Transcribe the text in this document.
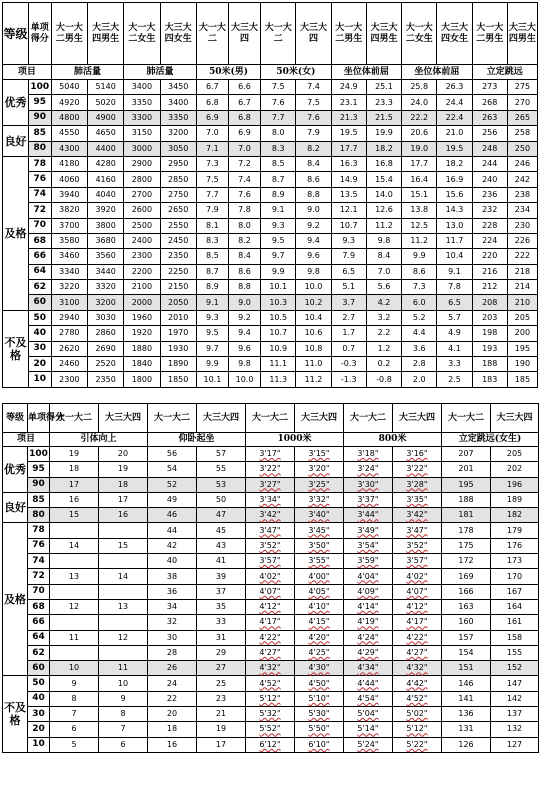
等级	单项得分	大一大二男生	大三大四男生	大一大二女生	大三大四女生	大一大二	大三大四	大一大二	大三大四	大一大二男生	大三大四男生	大一大二女生	大三大四女生	大一大二男生	大三大四男生
项目		肺活量		肺活量		50米(男)		50米(女)		坐位体前屈		坐位体前屈		立定跳远	
优秀	100	5040	5140	3400	3450	6.7	6.6	7.5	7.4	24.9	25.1	25.8	26.3	273	275
	95	4920	5020	3350	3400	6.8	6.7	7.6	7.5	23.1	23.3	24.0	24.4	268	270
	90	4800	4900	3300	3350	6.9	6.8	7.7	7.6	21.3	21.5	22.2	22.4	263	265
良好	85	4550	4650	3150	3200	7.0	6.9	8.0	7.9	19.5	19.9	20.6	21.0	256	258
	80	4300	4400	3000	3050	7.1	7.0	8.3	8.2	17.7	18.2	19.0	19.5	248	250
及格	78	4180	4280	2900	2950	7.3	7.2	8.5	8.4	16.3	16.8	17.7	18.2	244	246
	76	4060	4160	2800	2850	7.5	7.4	8.7	8.6	14.9	15.4	16.4	16.9	240	242
	74	3940	4040	2700	2750	7.7	7.6	8.9	8.8	13.5	14.0	15.1	15.6	236	238
	72	3820	3920	2600	2650	7.9	7.8	9.1	9.0	12.1	12.6	13.8	14.3	232	234
	70	3700	3800	2500	2550	8.1	8.0	9.3	9.2	10.7	11.2	12.5	13.0	228	230
	68	3580	3680	2400	2450	8.3	8.2	9.5	9.4	9.3	9.8	11.2	11.7	224	226
	66	3460	3560	2300	2350	8.5	8.4	9.7	9.6	7.9	8.4	9.9	10.4	220	222
	64	3340	3440	2200	2250	8.7	8.6	9.9	9.8	6.5	7.0	8.6	9.1	216	218
	62	3220	3320	2100	2150	8.9	8.8	10.1	10.0	5.1	5.6	7.3	7.8	212	214
	60	3100	3200	2000	2050	9.1	9.0	10.3	10.2	3.7	4.2	6.0	6.5	208	210
不及格	50	2940	3030	1960	2010	9.3	9.2	10.5	10.4	2.7	3.2	5.2	5.7	203	205
	40	2780	2860	1920	1970	9.5	9.4	10.7	10.6	1.7	2.2	4.4	4.9	198	200
	30	2620	2690	1880	1930	9.7	9.6	10.9	10.8	0.7	1.2	3.6	4.1	193	195
	20	2460	2520	1840	1890	9.9	9.8	11.1	11.0	-0.3	0.2	2.8	3.3	188	190
	10	2300	2350	1800	1850	10.1	10.0	11.3	11.2	-1.3	-0.8	2.0	2.5	183	185
等级	单项得分	大一大二	大三大四	大一大二	大三大四	大一大二	大三大四	大一大二	大三大四	大一大二	大三大四
项目		引体向上		仰卧起坐		1000米		800米		立定跳远(女生)	
优秀	100	19	20	56	57	3'17"	3'15"	3'18"	3'16"	207	205
	95	18	19	54	55	3'22"	3'20"	3'24"	3'22"	201	202
	90	17	18	52	53	3'27"	3'25"	3'30"	3'28"	195	196
良好	85	16	17	49	50	3'34"	3'32"	3'37"	3'35"	188	189
	80	15	16	46	47	3'42"	3'40"	3'44"	3'42"	181	182
及格	78			44	45	3'47"	3'45"	3'49"	3'47"	178	179
	76	14	15	42	43	3'52"	3'50"	3'54"	3'52"	175	176
	74			40	41	3'57"	3'55"	3'59"	3'57"	172	173
	72	13	14	38	39	4'02"	4'00"	4'04"	4'02"	169	170
	70			36	37	4'07"	4'05"	4'09"	4'07"	166	167
	68	12	13	34	35	4'12"	4'10"	4'14"	4'12"	163	164
	66			32	33	4'17"	4'15"	4'19"	4'17"	160	161
	64	11	12	30	31	4'22"	4'20"	4'24"	4'22"	157	158
	62			28	29	4'27"	4'25"	4'29"	4'27"	154	155
	60	10	11	26	27	4'32"	4'30"	4'34"	4'32"	151	152
不及格	50	9	10	24	25	4'52"	4'50"	4'44"	4'42"	146	147
	40	8	9	22	23	5'12"	5'10"	4'54"	4'52"	141	142
	30	7	8	20	21	5'32"	5'30"	5'04"	5'02"	136	137
	20	6	7	18	19	5'52"	5'50"	5'14"	5'12"	131	132
	10	5	6	16	17	6'12"	6'10"	5'24"	5'22"	126	127
